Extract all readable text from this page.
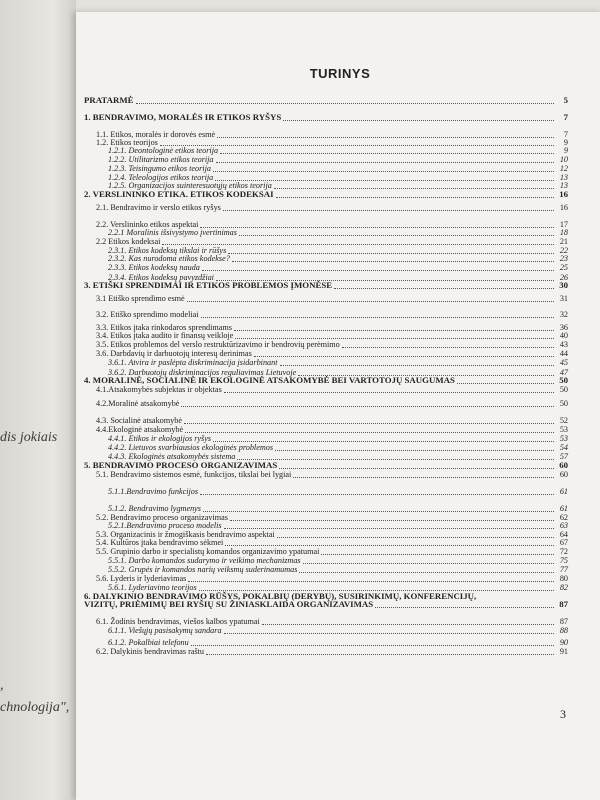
dis jokiais
,
chnologija",
TURINYS
PRATARMĖ	5
1. BENDRAVIMO, MORALĖS IR ETIKOS RYŠYS	7
1.1. Etikos, moralės ir dorovės esmė	7
1.2. Etikos teorijos	9
1.2.1. Deontologinė etikos teorija	9
1.2.2. Utilitarizmo etikos teorija	10
1.2.3. Teisingumo etikos teorija	12
1.2.4. Teleologijos etikos teorija	13
1.2.5. Organizacijos suinteresuotųjų etikos teorija	13
2. VERSLININKO ETIKA. ETIKOS KODEKSAI	16
2.1. Bendravimo ir verslo etikos ryšys	16
2.2. Verslininko etikos aspektai	17
2.2.1 Moralinis išsivystymo įvertinimas	18
2.2 Etikos kodeksai	21
2.3.1. Etikos kodeksų tikslai ir rūšys	22
2.3.2. Kas nurodoma etikos kodekse?	23
2.3.3. Etikos kodeksų nauda	25
2.3.4. Etikos kodeksų pavyzdžiai	26
3. ETIŠKI SPRENDIMAI IR ETIKOS PROBLEMOS ĮMONĖSE	30
3.1 Etiško sprendimo esmė	31
3.2. Etiško sprendimo modeliai	32
3.3. Etikos įtaka rinkodaros sprendimams	36
3.4. Etikos įtaka audito ir finansų veikloje	40
3.5. Etikos problemos del verslo restruktūrizavimo ir bendrovių perėmimo	43
3.6. Darbdavių ir darbuotojų interesų derinimas	44
3.6.1. Atvira ir paslėpta diskriminacija įsidarbinant	45
3.6.2. Darbuotojų diskriminacijos reguliavimas Lietuvoje	47
4. MORALINĖ, SOCIALINĖ IR EKOLOGINĖ ATSAKOMYBĖ BEI VARTOTOJŲ SAUGUMAS	50
4.1.Atsakomybės subjektas ir objektas	50
4.2.Moralinė atsakomybė	50
4.3. Socialinė atsakomybė	52
4.4.Ekologinė atsakomybė	53
4.4.1. Etikos ir ekologijos ryšys	53
4.4.2. Lietuvos svarbiausios ekologinės problemos	54
4.4.3. Ekologinės atsakomybės sistema	57
5. BENDRAVIMO PROCESO ORGANIZAVIMAS	60
5.1. Bendravimo sistemos esmė, funkcijos, tikslai bei lygiai	60
5.1.1.Bendravimo funkcijos	61
5.1.2. Bendravimo lygmenys	61
5.2. Bendravimo proceso organizavimas	62
5.2.1.Bendravimo proceso modelis	63
5.3. Organizacinis ir žmogiškasis bendravimo aspektai	64
5.4. Kultūros įtaka bendravimo sėkmei	67
5.5. Grupinio darbo ir specialistų komandos organizavimo ypatumai	72
5.5.1. Darbo komandos sudarymo ir veikimo mechanizmas	75
5.5.2. Grupės ir komandos narių veiksmų suderinamumas	77
5.6. Lyderis ir lyderiavimas	80
5.6.1. Lyderiavimo teorijos	82
6. DALYKINIO BENDRAVIMO RŪŠYS, POKALBIŲ (DERYBŲ), SUSIRINKIMŲ, KONFERENCIJŲ,
VIZITŲ, PRIĖMIMŲ BEI RYŠIŲ SU ŽINIASKLAIDA ORGANIZAVIMAS	87
6.1. Žodinis bendravimas, viešos kalbos ypatumai	87
6.1.1. Viešųjų pasisakymų sandara	88
6.1.2. Pokalbiai telefonu	90
6.2. Dalykinis bendravimas raštu	91
3
